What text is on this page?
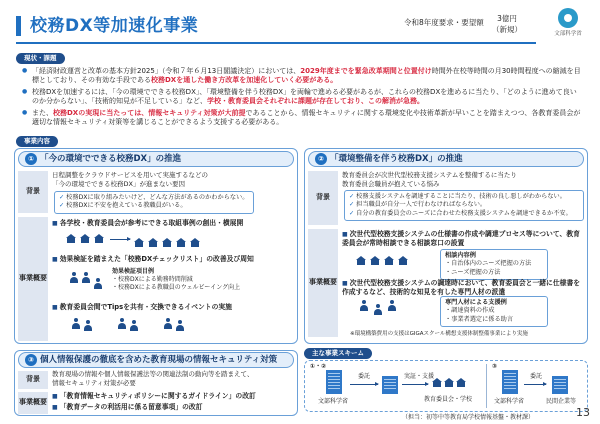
校務DX等加速化事業	令和8年度要求・要望額	3億円
（新規）
文部科学省
現状・課題

● 「経済財政運営と改革の基本方針2025」（令和７年６月13日閣議決定）においては、2029年度までを緊急改革期間と位置付け時間外在校等時間の月30時間程度への縮減を目標としており、その有効な手段である校務DXを通した働き方改革を加速化していく必要がある。

● 校務DXを加速するには、「今の環境でできる校務DX」、「環境整備を伴う校務DX」を両輪で進める必要があるが、これらの校務DXを進めるに当たり、「どのように進めて良いのか分からない」、「技術的知見が不足している」など、学校・教育委員会それぞれに課題が存在しており、この解消が急務。

● また、校務DXの実現に当たっては、情報セキュリティ対策が大前提であることから、情報セキュリティに関する環境変化や技術革新が早いことを踏まえつつ、各教育委員会が適切な情報セキュリティ対策等を講じることができるよう支援する必要がある。

事業内容
① 「今の環境でできる校務DX」の推進
背景
日程調整をクラウドサービスを用いて実施するなどの
「今の環境でできる校務DX」が進まない要因
✓ 校務DXに取り組みたいけど、どんな方法があるのかわからない。
✓ 校務DXに不安を抱えている教職員がいる。
事業概要
■ 各学校・教育委員会が参考にできる取組事例の創出・横展開
■ 効果検証を踏まえた「校務DXチェックリスト」の改善及び周知
効果検証項目例
・校務DXによる勤務時間削減
・校務DXによる教職員のウェルビーイング向上
■ 教育委員会間でTipsを共有・交換できるイベントの実施
② 「環境整備を伴う校務DX」の推進
背景
教育委員会が次世代型校務支援システムを整備するに当たり
教育委員会職員が抱えている悩み
✓ 校務支援システムを調達することに当たり、技術の良し悪しがわからない。
✓ 担当職員が自分一人で行わなければならない。
✓ 自分の教育委員会のニーズに合わせた校務支援システムを調達できるか不安。
事業概要
■ 次世代型校務支援システムの仕様書の作成や調達プロセス等について、教育委員会が常時相談できる相談窓口の設置
相談内容例
・自治体内のニーズ把握の方法
・ニーズ把握の方法
■ 次世代型校務支援システムの調達時において、教育委員会と一緒に仕様書を作成するなど、技術的な知見を有した専門人材の派遣
専門人材による支援例
・調達資料の作成
・事業者選定に係る助言
※環境構築費用の支援はGIGAスクール構想支援体制整備事業により実施
③ 個人情報保護の徹底を含めた教育現場の情報セキュリティ対策
背景
教育現場の情報や個人情報保護法等の関連法制の動向等を踏まえて、
情報セキュリティ対策が必要
事業概要
■ 「教育情報セキュリティポリシーに関するガイドライン」の改訂
■ 「教育データの利活用に係る留意事項」の改訂
主な事業スキーム
①・②
文部科学省
委託	実証・支援
教育委員会・学校
③
文部科学省
委託
民間企業等
（担当：初等中等教育局学校情報基盤・教材課）	13
